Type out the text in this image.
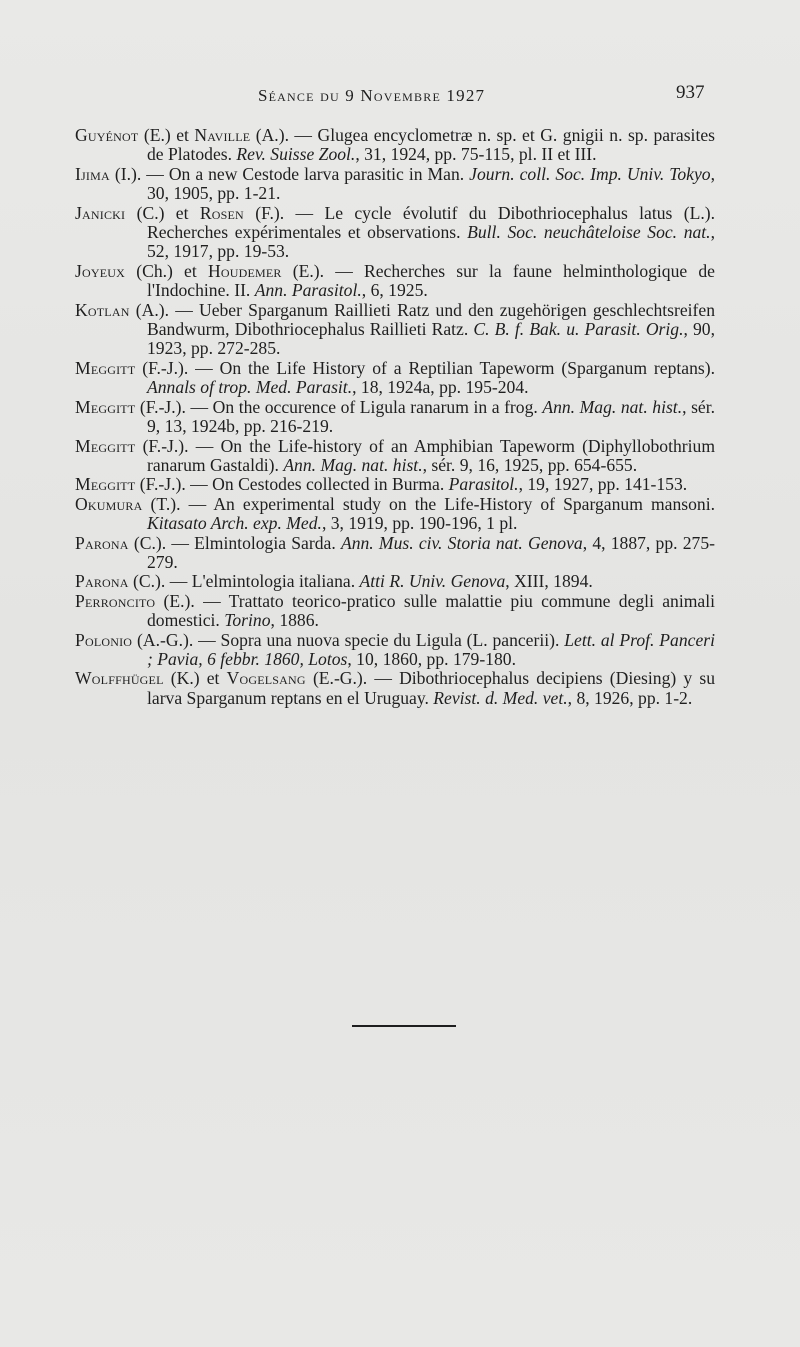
Séance du 9 Novembre 1927	937

Guyénot (E.) et Naville (A.). — Glugea encyclometræ n. sp. et G. gnigii n. sp. parasites de Platodes. Rev. Suisse Zool., 31, 1924, pp. 75-115, pl. II et III.

Ijima (I.). — On a new Cestode larva parasitic in Man. Journ. coll. Soc. Imp. Univ. Tokyo, 30, 1905, pp. 1-21.

Janicki (C.) et Rosen (F.). — Le cycle évolutif du Dibothriocephalus latus (L.). Recherches expérimentales et observations. Bull. Soc. neuchâteloise Soc. nat., 52, 1917, pp. 19-53.

Joyeux (Ch.) et Houdemer (E.). — Recherches sur la faune helminthologique de l'Indochine. II. Ann. Parasitol., 6, 1925.

Kotlan (A.). — Ueber Sparganum Raillieti Ratz und den zugehörigen geschlechtsreifen Bandwurm, Dibothriocephalus Raillieti Ratz. C. B. f. Bak. u. Parasit. Orig., 90, 1923, pp. 272-285.

Meggitt (F.-J.). — On the Life History of a Reptilian Tapeworm (Sparganum reptans). Annals of trop. Med. Parasit., 18, 1924a, pp. 195-204.

Meggitt (F.-J.). — On the occurence of Ligula ranarum in a frog. Ann. Mag. nat. hist., sér. 9, 13, 1924b, pp. 216-219.

Meggitt (F.-J.). — On the Life-history of an Amphibian Tapeworm (Diphyllobothrium ranarum Gastaldi). Ann. Mag. nat. hist., sér. 9, 16, 1925, pp. 654-655.

Meggitt (F.-J.). — On Cestodes collected in Burma. Parasitol., 19, 1927, pp. 141-153.

Okumura (T.). — An experimental study on the Life-History of Sparganum mansoni. Kitasato Arch. exp. Med., 3, 1919, pp. 190-196, 1 pl.

Parona (C.). — Elmintologia Sarda. Ann. Mus. civ. Storia nat. Genova, 4, 1887, pp. 275-279.

Parona (C.). — L'elmintologia italiana. Atti R. Univ. Genova, XIII, 1894.

Perroncito (E.). — Trattato teorico-pratico sulle malattie piu commune degli animali domestici. Torino, 1886.

Polonio (A.-G.). — Sopra una nuova specie du Ligula (L. pancerii). Lett. al Prof. Panceri ; Pavia, 6 febbr. 1860, Lotos, 10, 1860, pp. 179-180.

Wolffhügel (K.) et Vogelsang (E.-G.). — Dibothriocephalus decipiens (Diesing) y su larva Sparganum reptans en el Uruguay. Revist. d. Med. vet., 8, 1926, pp. 1-2.
